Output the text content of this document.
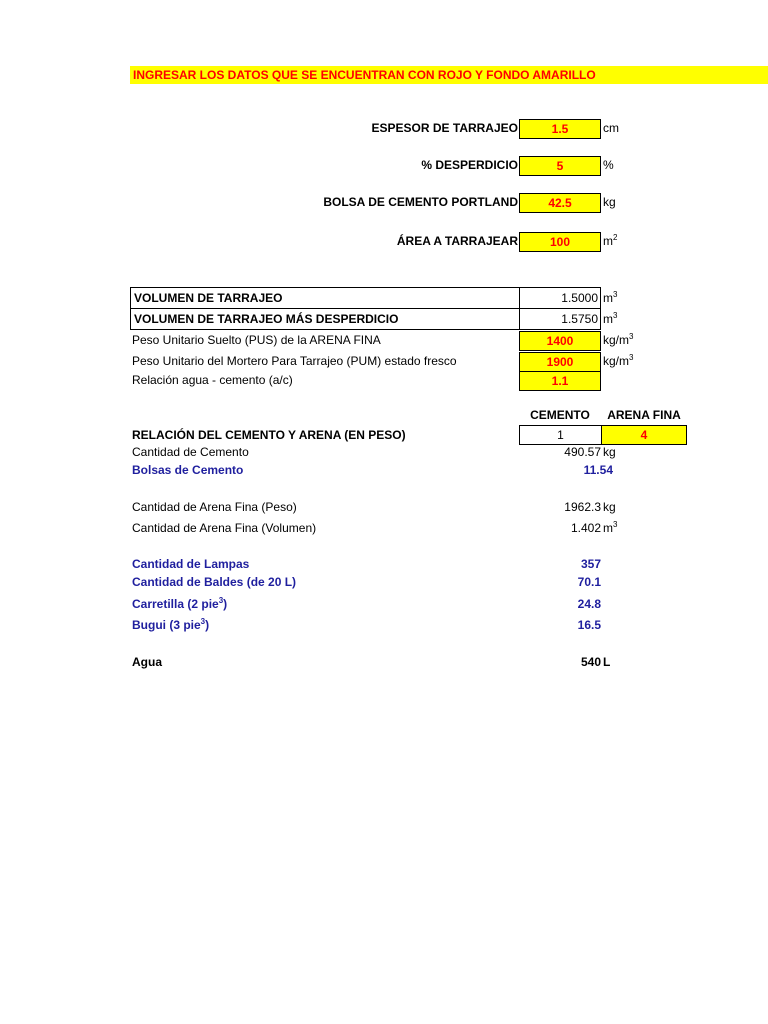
INGRESAR LOS DATOS QUE SE ENCUENTRAN CON ROJO Y FONDO AMARILLO
ESPESOR DE TARRAJEO	1.5	cm
% DESPERDICIO	5	%
BOLSA DE CEMENTO PORTLAND	42.5	kg
ÁREA A TARRAJEAR	100	$m^2$
VOLUMEN DE TARRAJEO	1.5000 $m^3$
VOLUMEN DE TARRAJEO MÁS DESPERDICIO	1.5750 $m^3$
Peso Unitario Suelto (PUS) de la ARENA FINA	1400	$kg/m^3$
Peso Unitario del Mortero Para Tarrajeo (PUM) estado fresco	1900	$kg/m^3$
Relación agua - cemento (a/c)	1.1
CEMENTO	ARENA FINA
RELACIÓN DEL CEMENTO Y ARENA (EN PESO)	1	4
Cantidad de Cemento	490.57 kg
Bolsas de Cemento	11.54
Cantidad de Arena Fina (Peso)	1962.3 kg
Cantidad de Arena Fina (Volumen)	1.402 $m^3$
Cantidad de Lampas	357
Cantidad de Baldes (de 20 L)	70.1
Carretilla (2 pie$^3$)	24.8
Bugui (3 pie$^3$)	16.5
Agua	540 L
